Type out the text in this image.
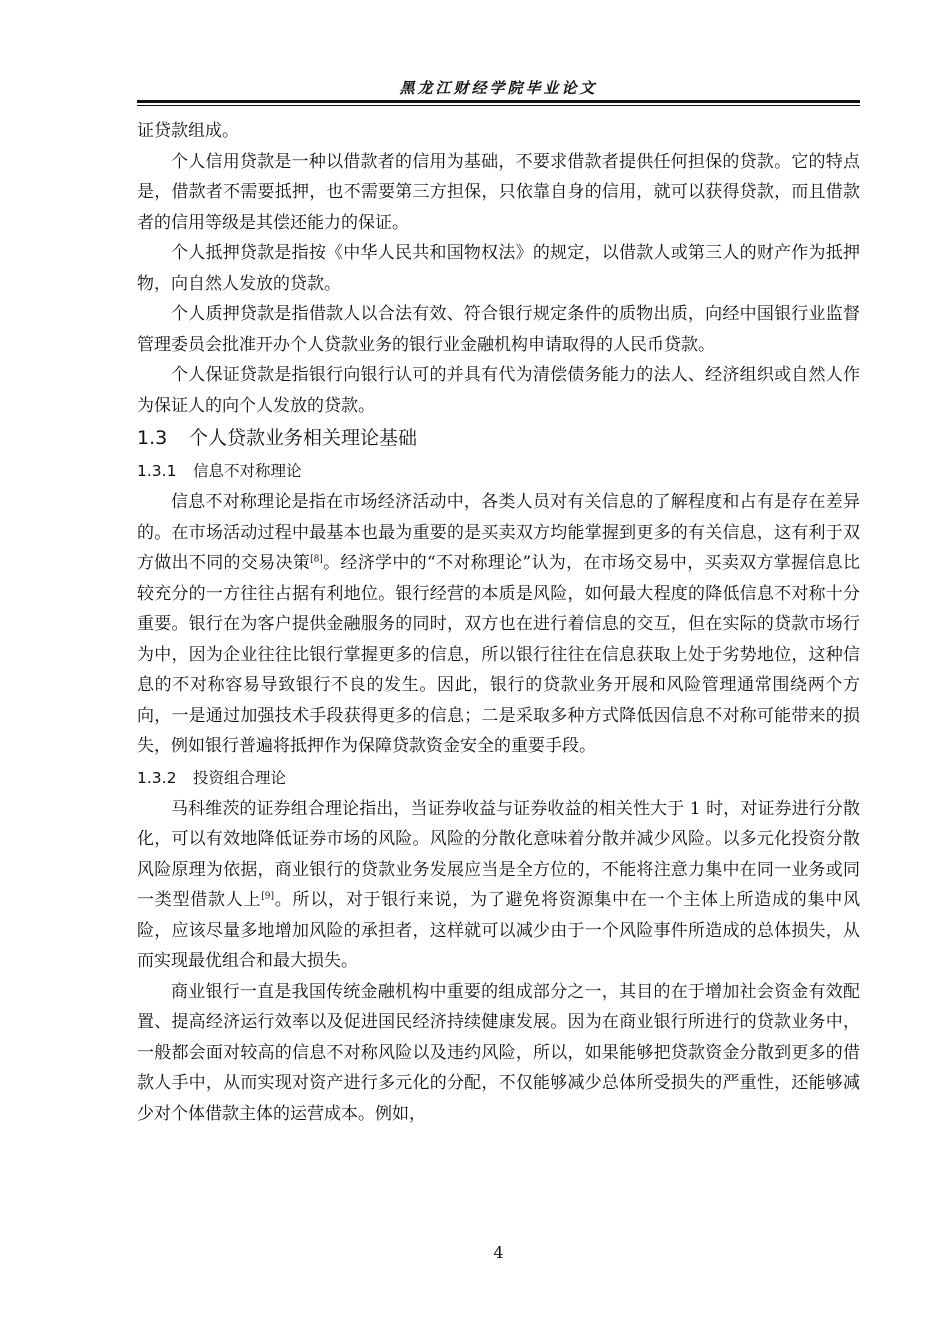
黑龙江财经学院毕业论文

证贷款组成。

个人信用贷款是一种以借款者的信用为基础，不要求借款者提供任何担保的贷款。它的特点是，借款者不需要抵押，也不需要第三方担保，只依靠自身的信用，就可以获得贷款，而且借款者的信用等级是其偿还能力的保证。

个人抵押贷款是指按《中华人民共和国物权法》的规定，以借款人或第三人的财产作为抵押物，向自然人发放的贷款。

个人质押贷款是指借款人以合法有效、符合银行规定条件的质物出质，向经中国银行业监督管理委员会批准开办个人贷款业务的银行业金融机构申请取得的人民币贷款。

个人保证贷款是指银行向银行认可的并具有代为清偿债务能力的法人、经济组织或自然人作为保证人的向个人发放的贷款。

1.3 个人贷款业务相关理论基础
1.3.1 信息不对称理论

信息不对称理论是指在市场经济活动中，各类人员对有关信息的了解程度和占有是存在差异的。在市场活动过程中最基本也最为重要的是买卖双方均能掌握到更多的有关信息，这有利于双方做出不同的交易决策[8]。经济学中的“不对称理论”认为，在市场交易中，买卖双方掌握信息比较充分的一方往往占据有利地位。银行经营的本质是风险，如何最大程度的降低信息不对称十分重要。银行在为客户提供金融服务的同时，双方也在进行着信息的交互，但在实际的贷款市场行为中，因为企业往往比银行掌握更多的信息，所以银行往往在信息获取上处于劣势地位，这种信息的不对称容易导致银行不良的发生。因此，银行的贷款业务开展和风险管理通常围绕两个方向，一是通过加强技术手段获得更多的信息；二是采取多种方式降低因信息不对称可能带来的损失，例如银行普遍将抵押作为保障贷款资金安全的重要手段。

1.3.2 投资组合理论

马科维茨的证券组合理论指出，当证券收益与证券收益的相关性大于 1 时，对证券进行分散化，可以有效地降低证券市场的风险。风险的分散化意味着分散并减少风险。以多元化投资分散风险原理为依据，商业银行的贷款业务发展应当是全方位的，不能将注意力集中在同一业务或同一类型借款人上[9]。所以，对于银行来说，为了避免将资源集中在一个主体上所造成的集中风险，应该尽量多地增加风险的承担者，这样就可以减少由于一个风险事件所造成的总体损失，从而实现最优组合和最大损失。

商业银行一直是我国传统金融机构中重要的组成部分之一，其目的在于增加社会资金有效配置、提高经济运行效率以及促进国民经济持续健康发展。因为在商业银行所进行的贷款业务中，一般都会面对较高的信息不对称风险以及违约风险，所以，如果能够把贷款资金分散到更多的借款人手中，从而实现对资产进行多元化的分配，不仅能够减少总体所受损失的严重性，还能够减少对个体借款主体的运营成本。例如，

4
